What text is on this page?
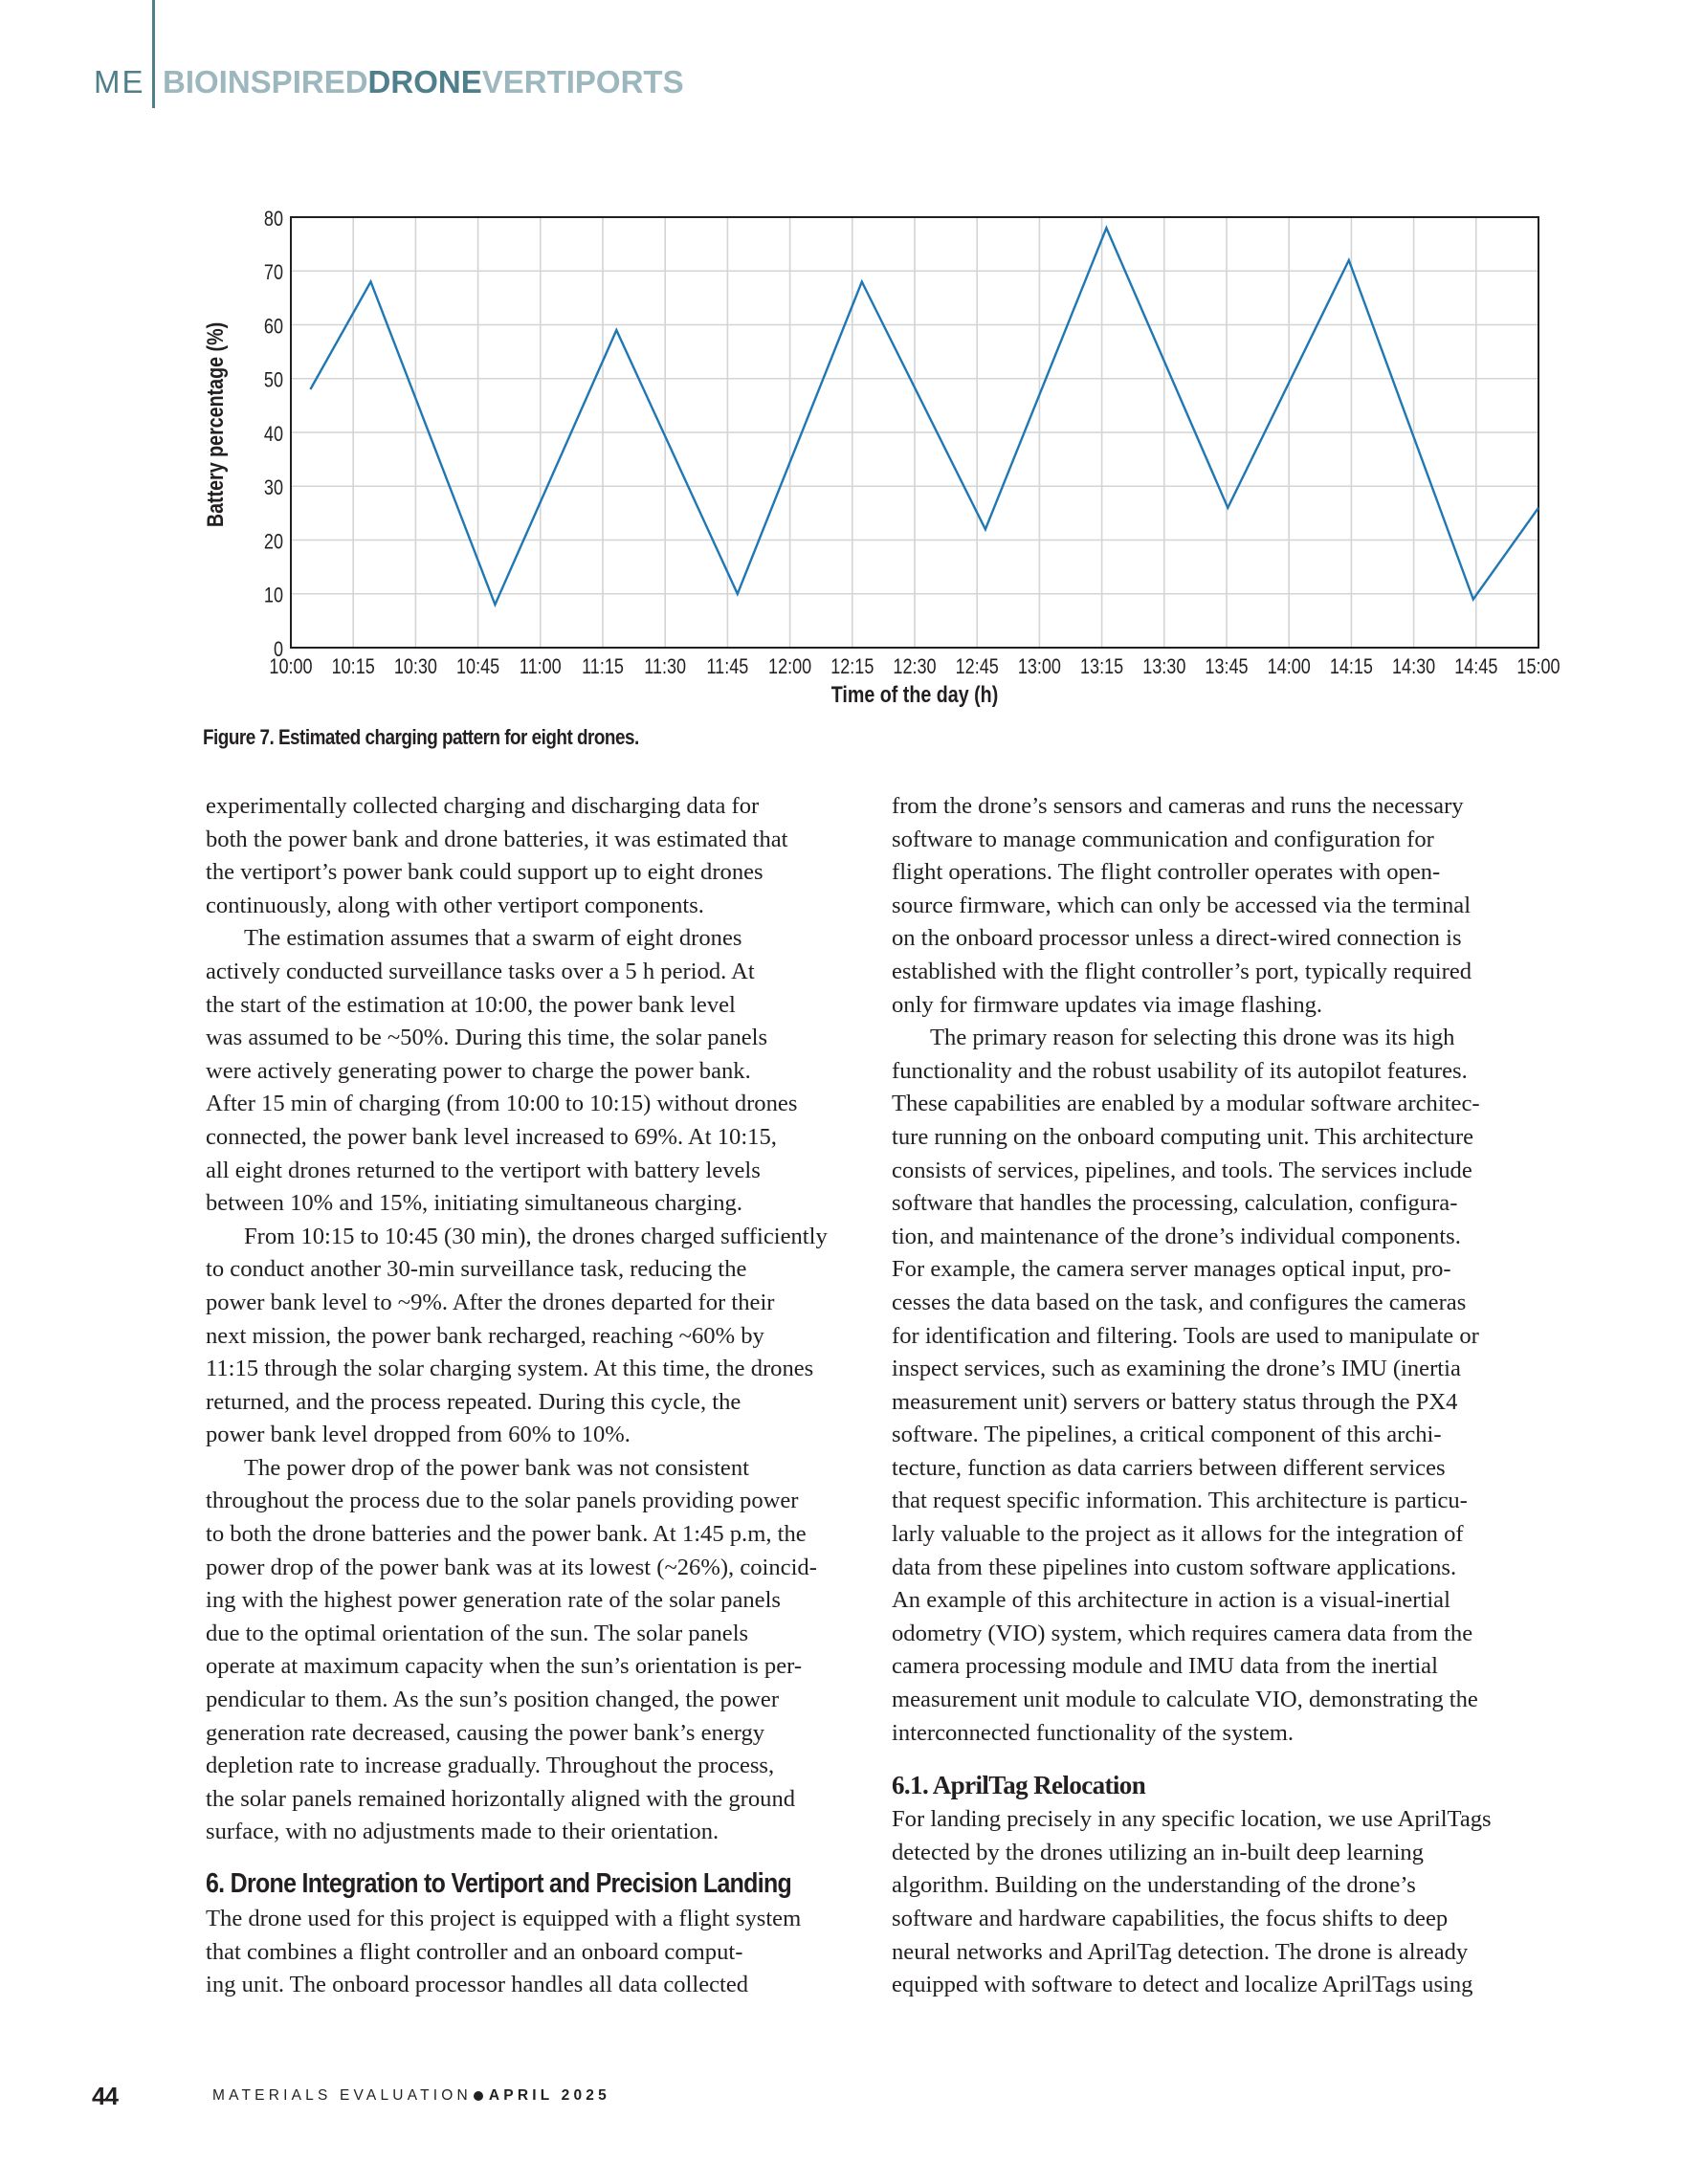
ME BIOINSPIRED DRONE VERTIPORTS
0
10
20
30
40
50
60
70
80
10:00 10:15 10:30 10:45 11:00 11:15 11:30 11:45 12:00 12:15 12:30 12:45 13:00 13:15 13:30 13:45 14:00 14:15 14:30 14:45 15:00
Time of the day (h)
Battery percentage (%)
Figure 7. Estimated charging pattern for eight drones.
experimentally collected charging and discharging data for
both the power bank and drone batteries, it was estimated that
the vertiport’s power bank could support up to eight drones
continuously, along with other vertiport components.
The estimation assumes that a swarm of eight drones
actively conducted surveillance tasks over a 5 h period. At
the start of the estimation at 10:00, the power bank level
was assumed to be ~50%. During this time, the solar panels
were actively generating power to charge the power bank.
After 15 min of charging (from 10:00 to 10:15) without drones
connected, the power bank level increased to 69%. At 10:15,
all eight drones returned to the vertiport with battery levels
between 10% and 15%, initiating simultaneous charging.
From 10:15 to 10:45 (30 min), the drones charged sufficiently
to conduct another 30-min surveillance task, reducing the
power bank level to ~9%. After the drones departed for their
next mission, the power bank recharged, reaching ~60% by
11:15 through the solar charging system. At this time, the drones
returned, and the process repeated. During this cycle, the
power bank level dropped from 60% to 10%.
The power drop of the power bank was not consistent
throughout the process due to the solar panels providing power
to both the drone batteries and the power bank. At 1:45 p.m, the
power drop of the power bank was at its lowest (~26%), coincid-
ing with the highest power generation rate of the solar panels
due to the optimal orientation of the sun. The solar panels
operate at maximum capacity when the sun’s orientation is per-
pendicular to them. As the sun’s position changed, the power
generation rate decreased, causing the power bank’s energy
depletion rate to increase gradually. Throughout the process,
the solar panels remained horizontally aligned with the ground
surface, with no adjustments made to their orientation.
6. Drone Integration to Vertiport and Precision Landing
The drone used for this project is equipped with a flight system
that combines a flight controller and an onboard comput-
ing unit. The onboard processor handles all data collected
from the drone’s sensors and cameras and runs the necessary
software to manage communication and configuration for
flight operations. The flight controller operates with open-
source firmware, which can only be accessed via the terminal
on the onboard processor unless a direct-wired connection is
established with the flight controller’s port, typically required
only for firmware updates via image flashing.
The primary reason for selecting this drone was its high
functionality and the robust usability of its autopilot features.
These capabilities are enabled by a modular software architec-
ture running on the onboard computing unit. This architecture
consists of services, pipelines, and tools. The services include
software that handles the processing, calculation, configura-
tion, and maintenance of the drone’s individual components.
For example, the camera server manages optical input, pro-
cesses the data based on the task, and configures the cameras
for identification and filtering. Tools are used to manipulate or
inspect services, such as examining the drone’s IMU (inertia
measurement unit) servers or battery status through the PX4
software. The pipelines, a critical component of this archi-
tecture, function as data carriers between different services
that request specific information. This architecture is particu-
larly valuable to the project as it allows for the integration of
data from these pipelines into custom software applications.
An example of this architecture in action is a visual-inertial
odometry (VIO) system, which requires camera data from the
camera processing module and IMU data from the inertial
measurement unit module to calculate VIO, demonstrating the
interconnected functionality of the system.
6.1. AprilTag Relocation
For landing precisely in any specific location, we use AprilTags
detected by the drones utilizing an in-built deep learning
algorithm. Building on the understanding of the drone’s
software and hardware capabilities, the focus shifts to deep
neural networks and AprilTag detection. The drone is already
equipped with software to detect and localize AprilTags using
44	MATERIALS EVALUATION APRIL 2025
